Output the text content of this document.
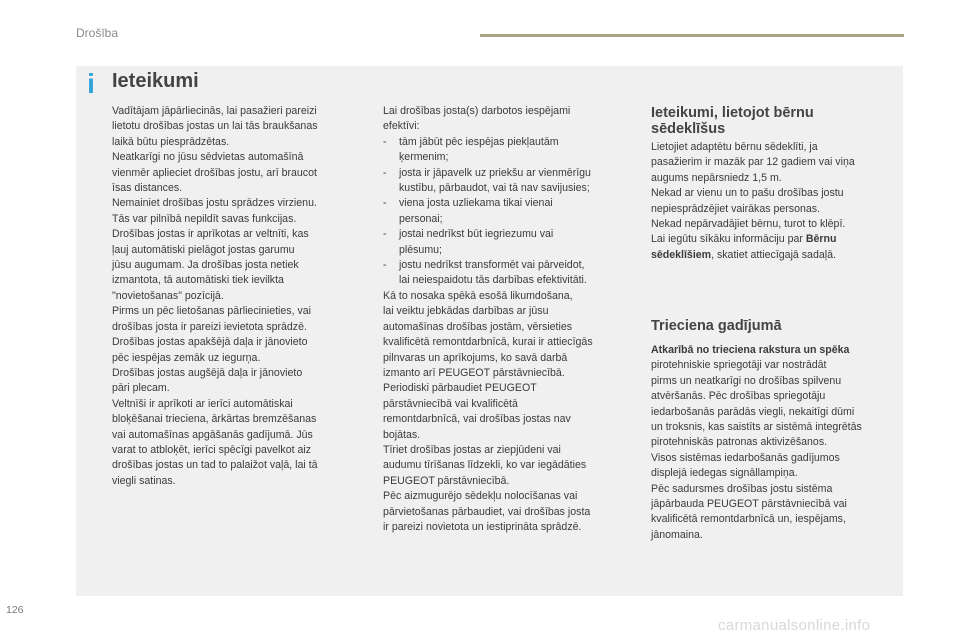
Drošība
i Ieteikumi

Vadītājam jāpārliecinās, lai pasažieri pareizi

lietotu drošības jostas un lai tās braukšanas

laikā būtu piesprādzētas.

Neatkarīgi no jūsu sēdvietas automašīnā

vienmēr aplieciet drošības jostu, arī braucot

īsas distances.

Nemainiet drošības jostu sprādzes virzienu.

Tās var pilnībā nepildīt savas funkcijas.

Drošības jostas ir aprīkotas ar veltnīti, kas

ļauj automātiski pielāgot jostas garumu

jūsu augumam. Ja drošības josta netiek

izmantota, tā automātiski tiek ievilkta

"novietošanas" pozīcijā.

Pirms un pēc lietošanas pārliecinieties, vai

drošības josta ir pareizi ievietota sprādzē.

Drošības jostas apakšējā daļa ir jānovieto

pēc iespējas zemāk uz iegurņa.

Drošības jostas augšējā daļa ir jānovieto

pāri plecam.

Veltnīši ir aprīkoti ar ierīci automātiskai

bloķēšanai trieciena, ārkārtas bremzēšanas

vai automašīnas apgāšanās gadījumā. Jūs

varat to atbloķēt, ierīci spēcīgi pavelkot aiz

drošības jostas un tad to palaižot vaļā, lai tā

viegli satinas.

Lai drošības josta(s) darbotos iespējami

efektīvi:

-	tām jābūt pēc iespējas piekļautām
ķermenim;
-	josta ir jāpavelk uz priekšu ar vienmērīgu
kustību, pārbaudot, vai tā nav savijusies;
-	viena josta uzliekama tikai vienai
personai;
-	jostai nedrīkst būt iegriezumu vai
plēsumu;
-	jostu nedrīkst transformēt vai pārveidot,
lai neiespaidotu tās darbības efektivitāti.

Kā to nosaka spēkā esošā likumdošana,

lai veiktu jebkādas darbības ar jūsu

automašīnas drošības jostām, vērsieties

kvalificētā remontdarbnīcā, kurai ir attiecīgās

pilnvaras un aprīkojums, ko savā darbā

izmanto arī PEUGEOT pārstāvniecībā.

Periodiski pārbaudiet PEUGEOT

pārstāvniecībā vai kvalificētā

remontdarbnīcā, vai drošības jostas nav

bojātas.

Tīriet drošības jostas ar ziepjūdeni vai

audumu tīrīšanas līdzekli, ko var iegādāties

PEUGEOT pārstāvniecībā.

Pēc aizmugurējo sēdekļu nolocīšanas vai

pārvietošanas pārbaudiet, vai drošības josta

ir pareizi novietota un iestiprināta sprādzē.

Ieteikumi, lietojot bērnu
sēdeklīšus

Lietojiet adaptētu bērnu sēdeklīti, ja

pasažierim ir mazāk par 12 gadiem vai viņa

augums nepārsniedz 1,5 m.

Nekad ar vienu un to pašu drošības jostu

nepiesprādzējiet vairākas personas.

Nekad nepārvadājiet bērnu, turot to klēpī.

Lai iegūtu sīkāku informāciju par Bērnu

sēdeklīšiem, skatiet attiecīgajā sadaļā.

Trieciena gadījumā

Atkarībā no trieciena rakstura un spēka

pirotehniskie spriegotāji var nostrādāt

pirms un neatkarīgi no drošības spilvenu

atvēršanās. Pēc drošības spriegotāju

iedarbošanās parādās viegli, nekaitīgi dūmi

un troksnis, kas saistīts ar sistēmā integrētās

pirotehniskās patronas aktivizēšanos.

Visos sistēmas iedarbošanās gadījumos

displejā iedegas signāllampiņa.

Pēc sadursmes drošības jostu sistēma

jāpārbauda PEUGEOT pārstāvniecībā vai

kvalificētā remontdarbnīcā un, iespējams,

jānomaina.

126
carmanualsonline.info
